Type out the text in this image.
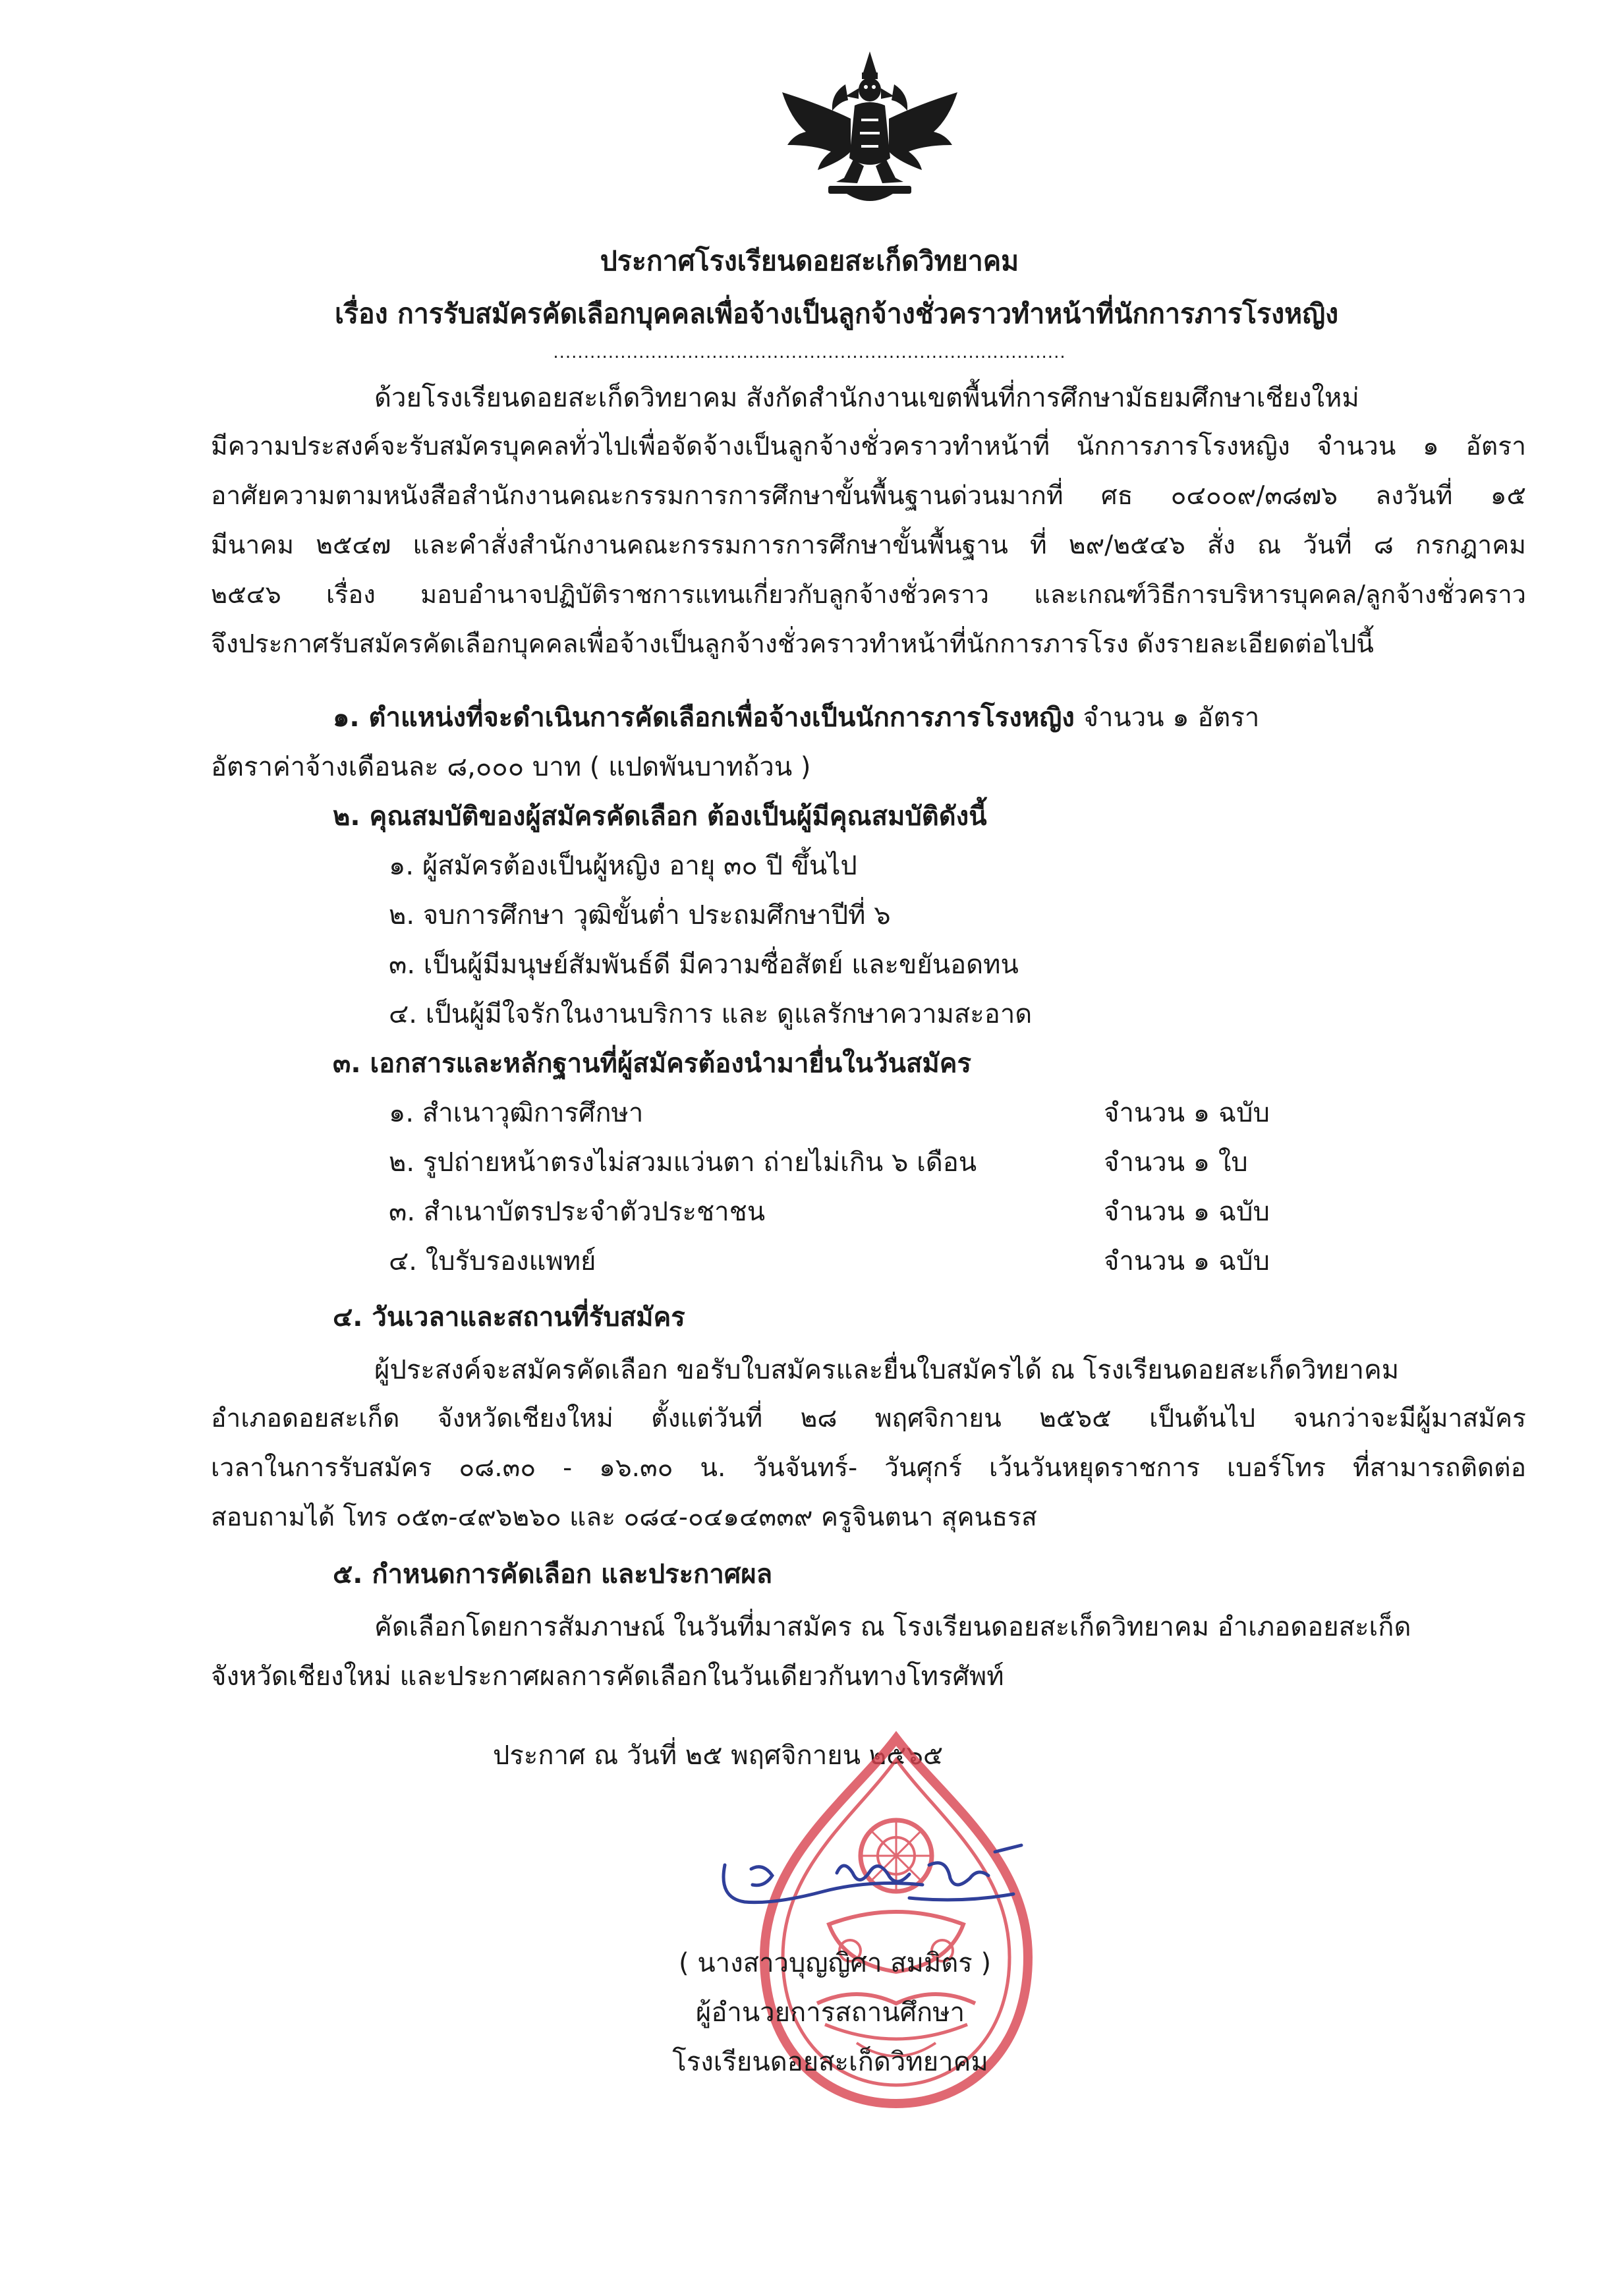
ประกาศโรงเรียนดอยสะเก็ดวิทยาคม
เรื่อง การรับสมัครคัดเลือกบุคคลเพื่อจ้างเป็นลูกจ้างชั่วคราวทำหน้าที่นักการภารโรงหญิง
....................................................................................
ด้วยโรงเรียนดอยสะเก็ดวิทยาคม สังกัดสำนักงานเขตพื้นที่การศึกษามัธยมศึกษาเชียงใหม่
มีความประสงค์จะรับสมัครบุคคลทั่วไปเพื่อจัดจ้างเป็นลูกจ้างชั่วคราวทำหน้าที่ นักการภารโรงหญิง จำนวน ๑ อัตรา
อาศัยความตามหนังสือสำนักงานคณะกรรมการการศึกษาขั้นพื้นฐานด่วนมากที่ ศธ ๐๔๐๐๙/๓๘๗๖ ลงวันที่ ๑๕
มีนาคม ๒๕๔๗ และคำสั่งสำนักงานคณะกรรมการการศึกษาขั้นพื้นฐาน ที่ ๒๙/๒๕๔๖ สั่ง ณ วันที่ ๘ กรกฎาคม
๒๕๔๖ เรื่อง มอบอำนาจปฏิบัติราชการแทนเกี่ยวกับลูกจ้างชั่วคราว และเกณฑ์วิธีการบริหารบุคคล/ลูกจ้างชั่วคราว
จึงประกาศรับสมัครคัดเลือกบุคคลเพื่อจ้างเป็นลูกจ้างชั่วคราวทำหน้าที่นักการภารโรง ดังรายละเอียดต่อไปนี้
๑. ตำแหน่งที่จะดำเนินการคัดเลือกเพื่อจ้างเป็นนักการภารโรงหญิง จำนวน ๑ อัตรา
อัตราค่าจ้างเดือนละ ๘,๐๐๐ บาท ( แปดพันบาทถ้วน )
๒. คุณสมบัติของผู้สมัครคัดเลือก ต้องเป็นผู้มีคุณสมบัติดังนี้
๑. ผู้สมัครต้องเป็นผู้หญิง อายุ ๓๐ ปี ขึ้นไป
๒. จบการศึกษา วุฒิขั้นต่ำ ประถมศึกษาปีที่ ๖
๓. เป็นผู้มีมนุษย์สัมพันธ์ดี มีความซื่อสัตย์ และขยันอดทน
๔. เป็นผู้มีใจรักในงานบริการ และ ดูแลรักษาความสะอาด
๓. เอกสารและหลักฐานที่ผู้สมัครต้องนำมายื่นในวันสมัคร
๑. สำเนาวุฒิการศึกษา	จำนวน ๑ ฉบับ
๒. รูปถ่ายหน้าตรงไม่สวมแว่นตา ถ่ายไม่เกิน ๖ เดือน	จำนวน ๑ ใบ
๓. สำเนาบัตรประจำตัวประชาชน	จำนวน ๑ ฉบับ
๔. ใบรับรองแพทย์	จำนวน ๑ ฉบับ
๔. วันเวลาและสถานที่รับสมัคร
ผู้ประสงค์จะสมัครคัดเลือก ขอรับใบสมัครและยื่นใบสมัครได้ ณ โรงเรียนดอยสะเก็ดวิทยาคม
อำเภอดอยสะเก็ด จังหวัดเชียงใหม่ ตั้งแต่วันที่ ๒๘ พฤศจิกายน ๒๕๖๕ เป็นต้นไป จนกว่าจะมีผู้มาสมัคร
เวลาในการรับสมัคร ๐๘.๓๐ - ๑๖.๓๐ น. วันจันทร์- วันศุกร์ เว้นวันหยุดราชการ เบอร์โทร ที่สามารถติดต่อ
สอบถามได้ โทร ๐๕๓-๔๙๖๒๖๐ และ ๐๘๔-๐๔๑๔๓๓๙ ครูจินตนา สุคนธรส
๕. กำหนดการคัดเลือก และประกาศผล
คัดเลือกโดยการสัมภาษณ์ ในวันที่มาสมัคร ณ โรงเรียนดอยสะเก็ดวิทยาคม อำเภอดอยสะเก็ด
จังหวัดเชียงใหม่ และประกาศผลการคัดเลือกในวันเดียวกันทางโทรศัพท์
ประกาศ ณ วันที่ ๒๕ พฤศจิกายน ๒๕๖๕
( นางสาวบุญญิศา สมมิตร )
ผู้อำนวยการสถานศึกษา
โรงเรียนดอยสะเก็ดวิทยาคม
